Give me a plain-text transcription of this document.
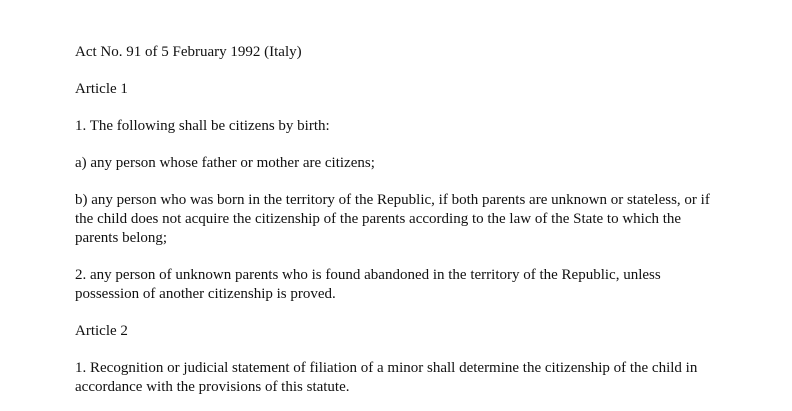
Act No. 91 of 5 February 1992 (Italy)

Article 1

1. The following shall be citizens by birth:

a) any person whose father or mother are citizens;

b) any person who was born in the territory of the Republic, if both parents are unknown or stateless, or if the child does not acquire the citizenship of the parents according to the law of the State to which the parents belong;

2. any person of unknown parents who is found abandoned in the territory of the Republic, unless possession of another citizenship is proved.

Article 2

1. Recognition or judicial statement of filiation of a minor shall determine the citizenship of the child in accordance with the provisions of this statute.
